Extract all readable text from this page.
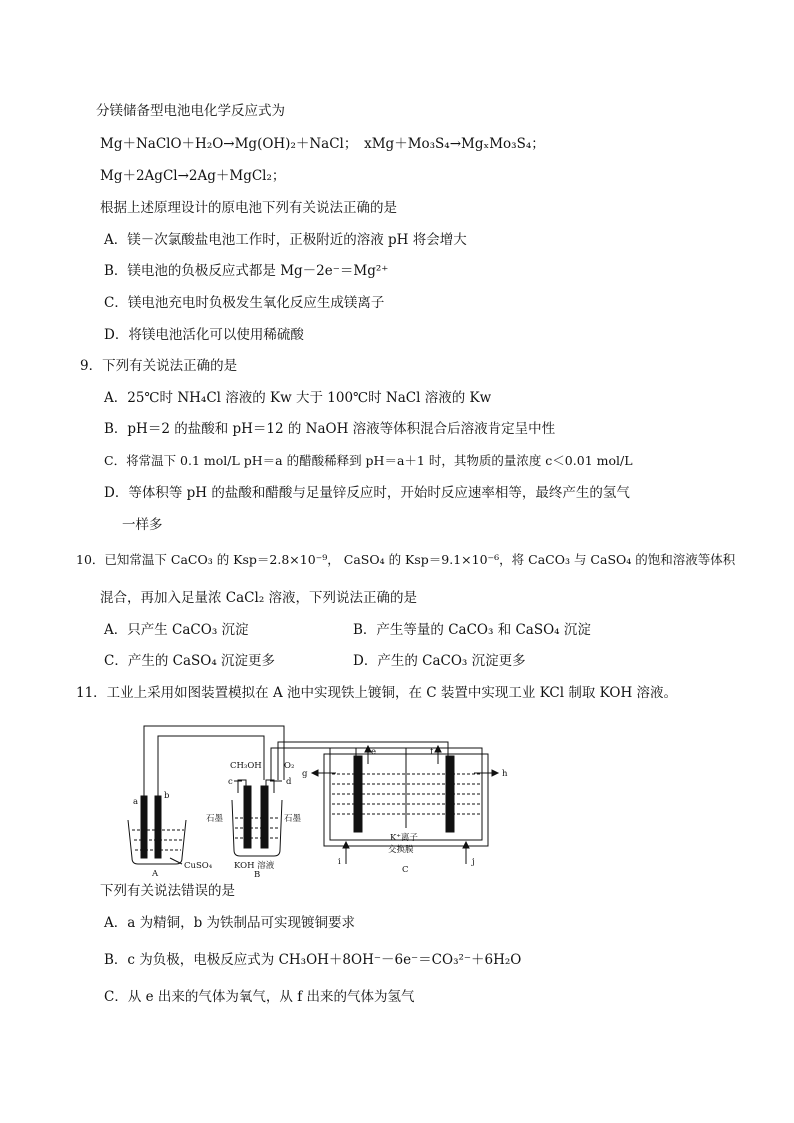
分镁储备型电池电化学反应式为
Mg＋NaClO＋H₂O→Mg(OH)₂＋NaCl；　xMg＋Mo₃S₄→MgₓMo₃S₄；
Mg＋2AgCl→2Ag＋MgCl₂；
根据上述原理设计的原电池下列有关说法正确的是
A．镁－次氯酸盐电池工作时，正极附近的溶液 pH 将会增大
B．镁电池的负极反应式都是 Mg－2e⁻＝Mg²⁺
C．镁电池充电时负极发生氧化反应生成镁离子
D．将镁电池活化可以使用稀硫酸
9．下列有关说法正确的是
A．25℃时 NH₄Cl 溶液的 Kw 大于 100℃时 NaCl 溶液的 Kw
B．pH＝2 的盐酸和 pH＝12 的 NaOH 溶液等体积混合后溶液肯定呈中性
C．将常温下 0.1 mol/L pH＝a 的醋酸稀释到 pH＝a＋1 时，其物质的量浓度 c＜0.01 mol/L
D．等体积等 pH 的盐酸和醋酸与足量锌反应时，开始时反应速率相等，最终产生的氢气
一样多
10．已知常温下 CaCO₃ 的 Ksp＝2.8×10⁻⁹， CaSO₄ 的 Ksp＝9.1×10⁻⁶，将 CaCO₃ 与 CaSO₄ 的饱和溶液等体积
混合，再加入足量浓 CaCl₂ 溶液，下列说法正确的是
A．只产生 CaCO₃ 沉淀	B．产生等量的 CaCO₃ 和 CaSO₄ 沉淀
C．产生的 CaSO₄ 沉淀更多	D．产生的 CaCO₃ 沉淀更多
11．工业上采用如图装置模拟在 A 池中实现铁上镀铜，在 C 装置中实现工业 KCl 制取 KOH 溶液。
a
b
CuSO₄
A
CH₃OH	O₂
c	d
石墨	石墨
KOH 溶液
B
e	f
g	h
i	j
K⁺离子
交换膜
C
下列有关说法错误的是
A．a 为精铜，b 为铁制品可实现镀铜要求
B．c 为负极，电极反应式为 CH₃OH＋8OH⁻－6e⁻＝CO₃²⁻＋6H₂O
C．从 e 出来的气体为氧气，从 f 出来的气体为氢气
